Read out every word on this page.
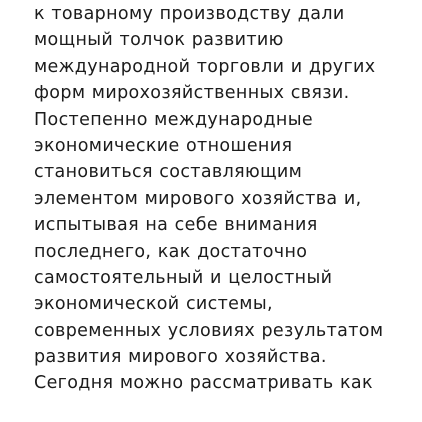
к товарному производству дали
мощный толчок развитию
международной торговли и других
форм мирохозяйственных связи.
Постепенно международные
экономические отношения
становиться составляющим
элементом мирового хозяйства и,
испытывая на себе внимания
последнего, как достаточно
самостоятельный и целостный
экономической системы,
современных условиях результатом
развития мирового хозяйства.
Сегодня можно рассматривать как
